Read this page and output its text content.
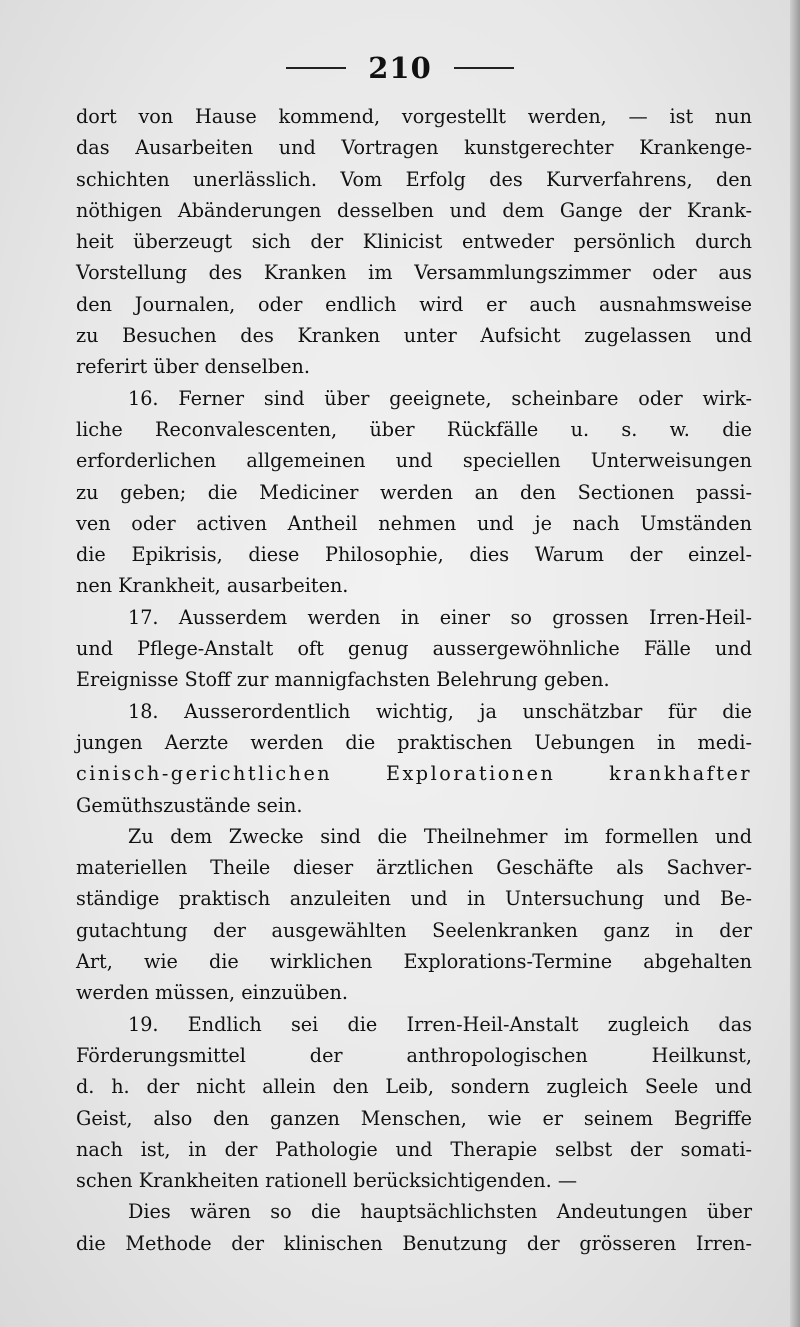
210
dort von Hause kommend, vorgestellt werden, — ist nun
das Ausarbeiten und Vortragen kunstgerechter Krankenge-
schichten unerlässlich. Vom Erfolg des Kurverfahrens, den
nöthigen Abänderungen desselben und dem Gange der Krank-
heit überzeugt sich der Klinicist entweder persönlich durch
Vorstellung des Kranken im Versammlungszimmer oder aus
den Journalen, oder endlich wird er auch ausnahmsweise
zu Besuchen des Kranken unter Aufsicht zugelassen und
referirt über denselben.
16. Ferner sind über geeignete, scheinbare oder wirk-
liche Reconvalescenten, über Rückfälle u. s. w. die
erforderlichen allgemeinen und speciellen Unterweisungen
zu geben; die Mediciner werden an den Sectionen passi-
ven oder activen Antheil nehmen und je nach Umständen
die Epikrisis, diese Philosophie, dies Warum der einzel-
nen Krankheit, ausarbeiten.
17. Ausserdem werden in einer so grossen Irren-Heil-
und Pflege-Anstalt oft genug aussergewöhnliche Fälle und
Ereignisse Stoff zur mannigfachsten Belehrung geben.
18. Ausserordentlich wichtig, ja unschätzbar für die
jungen Aerzte werden die praktischen Uebungen in medi-
cinisch-gerichtlichen Explorationen krankhafter
Gemüthszustände sein.
Zu dem Zwecke sind die Theilnehmer im formellen und
materiellen Theile dieser ärztlichen Geschäfte als Sachver-
ständige praktisch anzuleiten und in Untersuchung und Be-
gutachtung der ausgewählten Seelenkranken ganz in der
Art, wie die wirklichen Explorations-Termine abgehalten
werden müssen, einzuüben.
19. Endlich sei die Irren-Heil-Anstalt zugleich das
Förderungsmittel der anthropologischen Heilkunst,
d. h. der nicht allein den Leib, sondern zugleich Seele und
Geist, also den ganzen Menschen, wie er seinem Begriffe
nach ist, in der Pathologie und Therapie selbst der somati-
schen Krankheiten rationell berücksichtigenden. —
Dies wären so die hauptsächlichsten Andeutungen über
die Methode der klinischen Benutzung der grösseren Irren-
